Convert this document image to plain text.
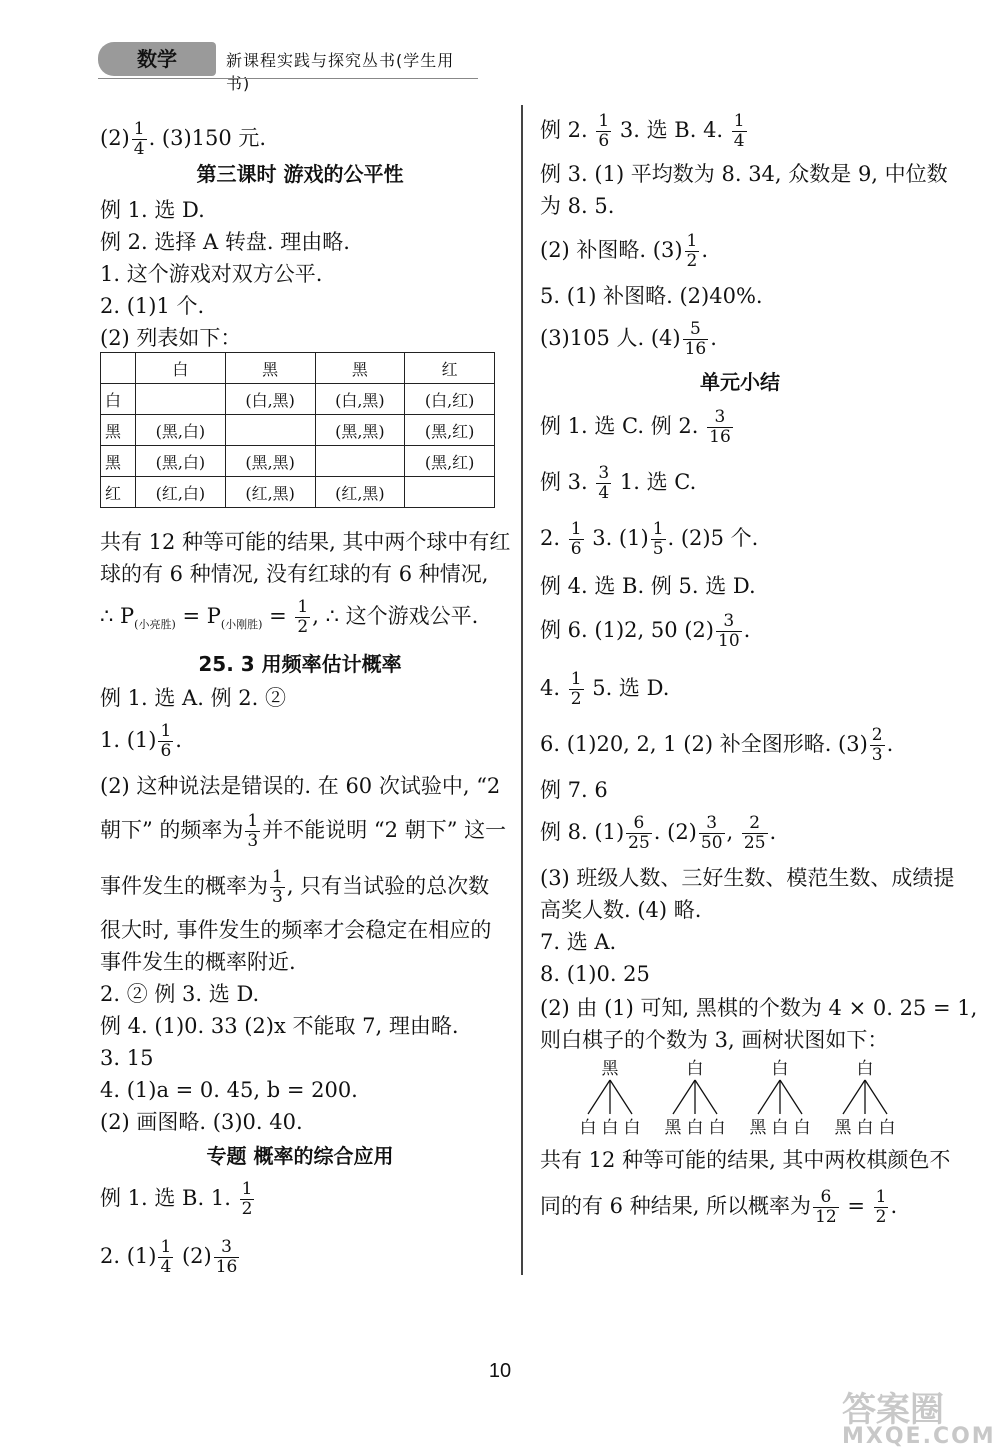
数学	新课程实践与探究丛书(学生用书)
$(2) \frac{1}{4}$ . (3)150 元.
第三课时 游戏的公平性
例 1. 选 D.
例 2. 选择 A 转盘. 理由略.
1. 这个游戏对双方公平.
2. (1)1 个.
(2) 列表如下：
	白	黑	黑	红
白		(白,黑)	(白,黑)	(白,红)
黑	(黑,白)		(黑,黑)	(黑,红)
黑	(黑,白)	(黑,黑)		(黑,红)
红	(红,白)	(红,黑)	(红,黑)	
共有 12 种等可能的结果, 其中两个球中有红
球的有 6 种情况, 没有红球的有 6 种情况,
∴ $P_{(小亮胜)} = P_{(小刚胜)} = \frac{1}{2}$ , ∴ 这个游戏公平.
25. 3 用频率估计概率
例 1. 选 A. 例 2. ②
1. $(1) \frac{1}{6}$ .
(2) 这种说法是错误的. 在 60 次试验中, “2
朝下” 的频率为 $\frac{1}{3}$ 并不能说明 “2 朝下” 这一
事件发生的概率为 $\frac{1}{3}$ , 只有当试验的总次数
很大时, 事件发生的频率才会稳定在相应的
事件发生的概率附近.
2. ② 例 3. 选 D.
例 4. (1)0. 33 (2)x 不能取 7, 理由略.
3. 15
4. (1)a = 0. 45, b = 200.
(2) 画图略. (3)0. 40.
专题 概率的综合应用
例 1. 选 B. 1. $\frac{1}{2}$
2. $(1) \frac{1}{4} (2) \frac{3}{16}$
例 2. $\frac{1}{6} 3$. 选 B. 4. $\frac{1}{4}$
例 3. (1) 平均数为 8. 34, 众数是 9, 中位数
为 8. 5.
(2) 补图略. $(3) \frac{1}{2}$ .
5. (1) 补图略. (2)40%.
(3)105 人. $(4) \frac{5}{16}$ .
单元小结
例 1. 选 C. 例 2. $\frac{3}{16}$
例 3. $\frac{3}{4} 1$. 选 C.
2. $\frac{1}{6} 3$. $(1) \frac{1}{5}$ . (2)5 个.
例 4. 选 B. 例 5. 选 D.
例 6. (1)2, 50 $(2) \frac{3}{10}$ .
4. $\frac{1}{2} 5$. 选 D.
6. (1)20, 2, 1 (2) 补全图形略. $(3) \frac{2}{3}$ .
例 7. 6
例 8. $(1) \frac{6}{25}$ . $(2) \frac{3}{50}$ , $\frac{2}{25}$ .
(3) 班级人数、三好生数、模范生数、成绩提
高奖人数. (4) 略.
7. 选 A.
8. (1)0. 25
(2) 由 (1) 可知, 黑棋的个数为 4 × 0. 25 = 1,
则白棋子的个数为 3, 画树状图如下：
黑	白	白	白
白 白 白 黑 白 白 黑 白 白 黑 白 白
共有 12 种等可能的结果, 其中两枚棋颜色不
同的有 6 种结果, 所以概率为 $\frac{6}{12} = \frac{1}{2}$ .
10
答案圈
MXQE.COM
